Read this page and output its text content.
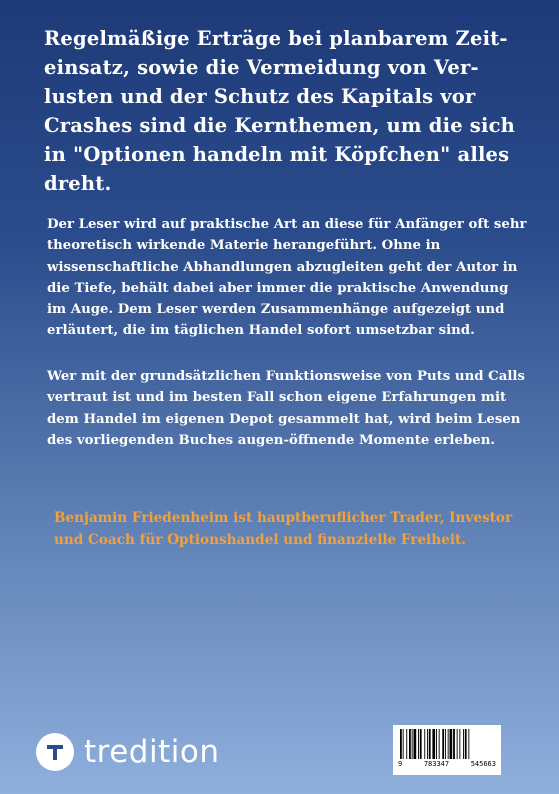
Regelmäßige Erträge bei planbarem Zeit-einsatz, sowie die Vermeidung von Ver-lusten und der Schutz des Kapitals vor Crashes sind die Kernthemen, um die sich in "Optionen handeln mit Köpfchen" alles dreht.
Der Leser wird auf praktische Art an diese für Anfänger oft sehr theoretisch wirkende Materie herangeführt. Ohne in wissenschaftliche Abhandlungen abzugleiten geht der Autor in die Tiefe, behält dabei aber immer die praktische Anwendung im Auge. Dem Leser werden Zusammenhänge aufgezeigt und erläutert, die im täglichen Handel sofort umsetzbar sind.
Wer mit der grundsätzlichen Funktionsweise von Puts und Calls vertraut ist und im besten Fall schon eigene Erfahrungen mit dem Handel im eigenen Depot gesammelt hat, wird beim Lesen des vorliegenden Buches augen-öffnende Momente erleben.
Benjamin Friedenheim ist hauptberuflicher Trader, Investor und Coach für Optionshandel und finanzielle Freiheit.
tredition	9	783347	545663
